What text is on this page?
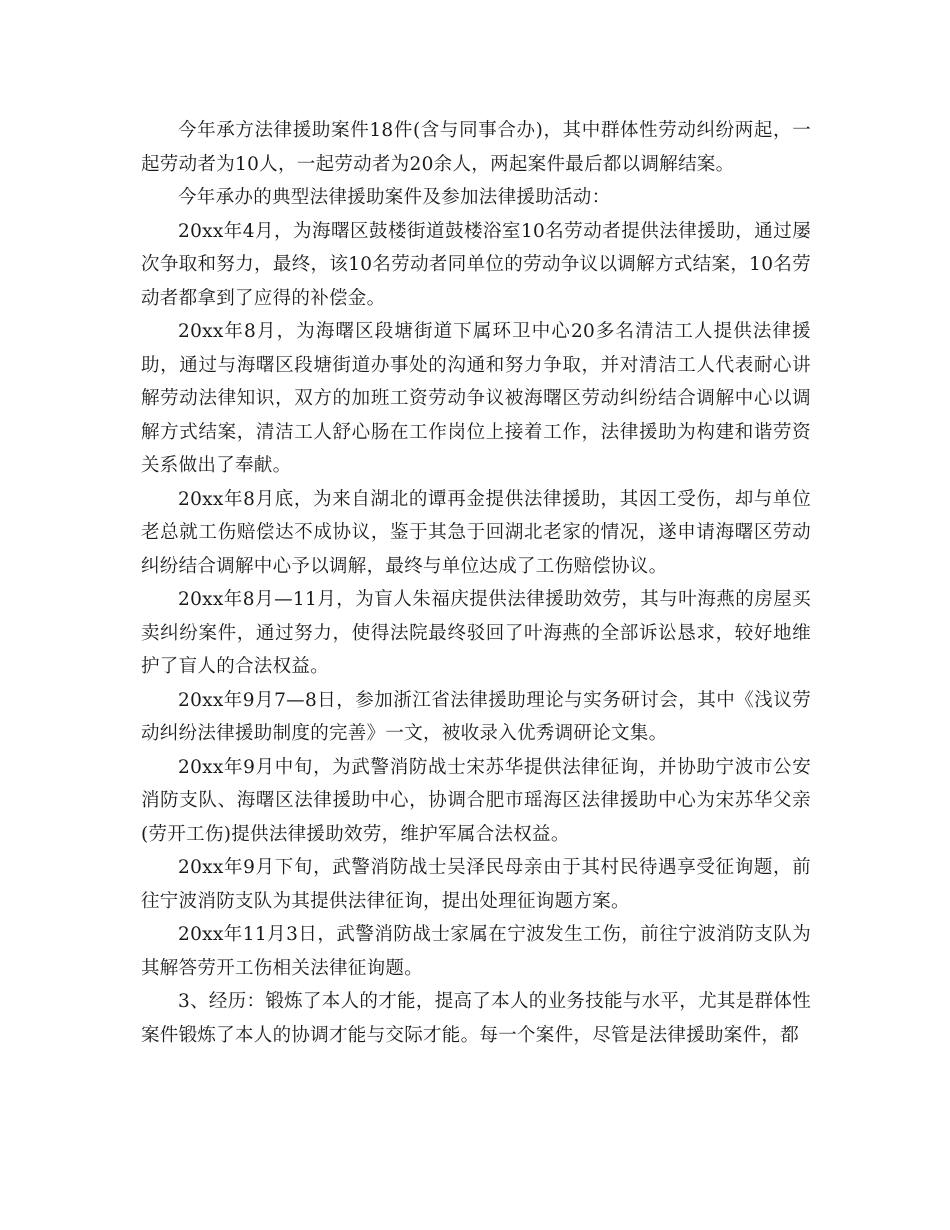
今年承方法律援助案件18件(含与同事合办)，其中群体性劳动纠纷两起，一起劳动者为10人，一起劳动者为20余人，两起案件最后都以调解结案。

今年承办的典型法律援助案件及参加法律援助活动：

20xx年4月，为海曙区鼓楼街道鼓楼浴室10名劳动者提供法律援助，通过屡次争取和努力，最终，该10名劳动者同单位的劳动争议以调解方式结案，10名劳动者都拿到了应得的补偿金。

20xx年8月，为海曙区段塘街道下属环卫中心20多名清洁工人提供法律援助，通过与海曙区段塘街道办事处的沟通和努力争取，并对清洁工人代表耐心讲解劳动法律知识，双方的加班工资劳动争议被海曙区劳动纠纷结合调解中心以调解方式结案，清洁工人舒心肠在工作岗位上接着工作，法律援助为构建和谐劳资关系做出了奉献。

20xx年8月底，为来自湖北的谭再金提供法律援助，其因工受伤，却与单位老总就工伤赔偿达不成协议，鉴于其急于回湖北老家的情况，遂申请海曙区劳动纠纷结合调解中心予以调解，最终与单位达成了工伤赔偿协议。

20xx年8月—11月，为盲人朱福庆提供法律援助效劳，其与叶海燕的房屋买卖纠纷案件，通过努力，使得法院最终驳回了叶海燕的全部诉讼恳求，较好地维护了盲人的合法权益。

20xx年9月7—8日，参加浙江省法律援助理论与实务研讨会，其中《浅议劳动纠纷法律援助制度的完善》一文，被收录入优秀调研论文集。

20xx年9月中旬，为武警消防战士宋苏华提供法律征询，并协助宁波市公安消防支队、海曙区法律援助中心，协调合肥市瑶海区法律援助中心为宋苏华父亲(劳开工伤)提供法律援助效劳，维护军属合法权益。

20xx年9月下旬，武警消防战士吴泽民母亲由于其村民待遇享受征询题，前往宁波消防支队为其提供法律征询，提出处理征询题方案。

20xx年11月3日，武警消防战士家属在宁波发生工伤，前往宁波消防支队为其解答劳开工伤相关法律征询题。

3、经历：锻炼了本人的才能，提高了本人的业务技能与水平，尤其是群体性案件锻炼了本人的协调才能与交际才能。每一个案件，尽管是法律援助案件，都
